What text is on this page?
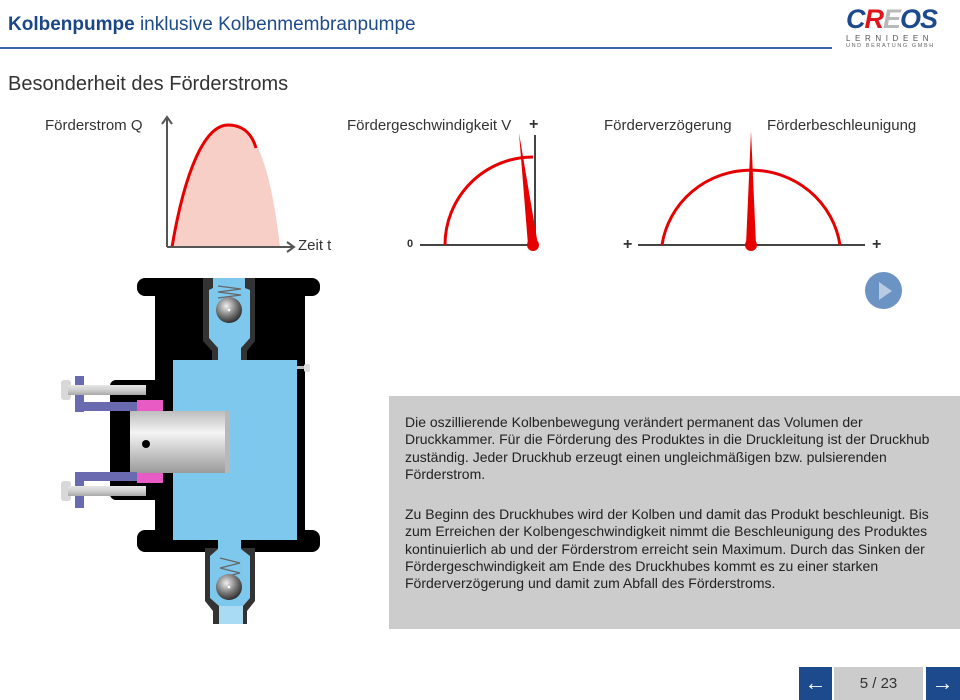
Kolbenpumpe inklusive Kolbenmembranpumpe	CREOS
LERNIDEEN
UND BERATUNG GMBH
Besonderheit des Förderstroms
Förderstrom Q
Zeit t
Fördergeschwindigkeit V +
0
Förderverzögerung Förderbeschleunigung
+	+

Die oszillierende Kolbenbewegung verändert permanent das Volumen der Druckkammer. Für die Förderung des Produktes in die Druckleitung ist der Druckhub zuständig. Jeder Druckhub erzeugt einen ungleichmäßigen bzw. pulsierenden Förderstrom.

Zu Beginn des Druckhubes wird der Kolben und damit das Produkt beschleunigt. Bis zum Erreichen der Kolbengeschwindigkeit nimmt die Beschleunigung des Produktes kontinuierlich ab und der Förderstrom erreicht sein Maximum. Durch das Sinken der Fördergeschwindigkeit am Ende des Druckhubes kommt es zu einer starken Förderverzögerung und damit zum Abfall des Förderstroms.

←	5 / 23	→
